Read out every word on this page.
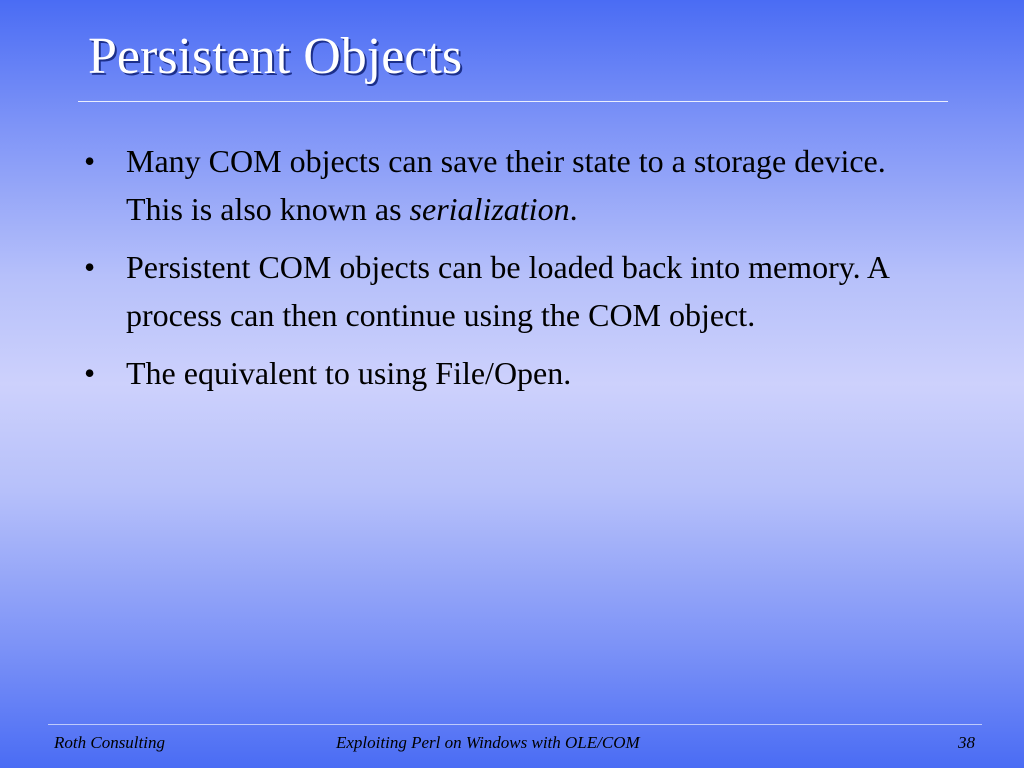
Persistent Objects
• Many COM objects can save their state to a storage device. This is also known as serialization.
• Persistent COM objects can be loaded back into memory. A process can then continue using the COM object.
• The equivalent to using File/Open.
Roth Consulting	Exploiting Perl on Windows with OLE/COM	38
